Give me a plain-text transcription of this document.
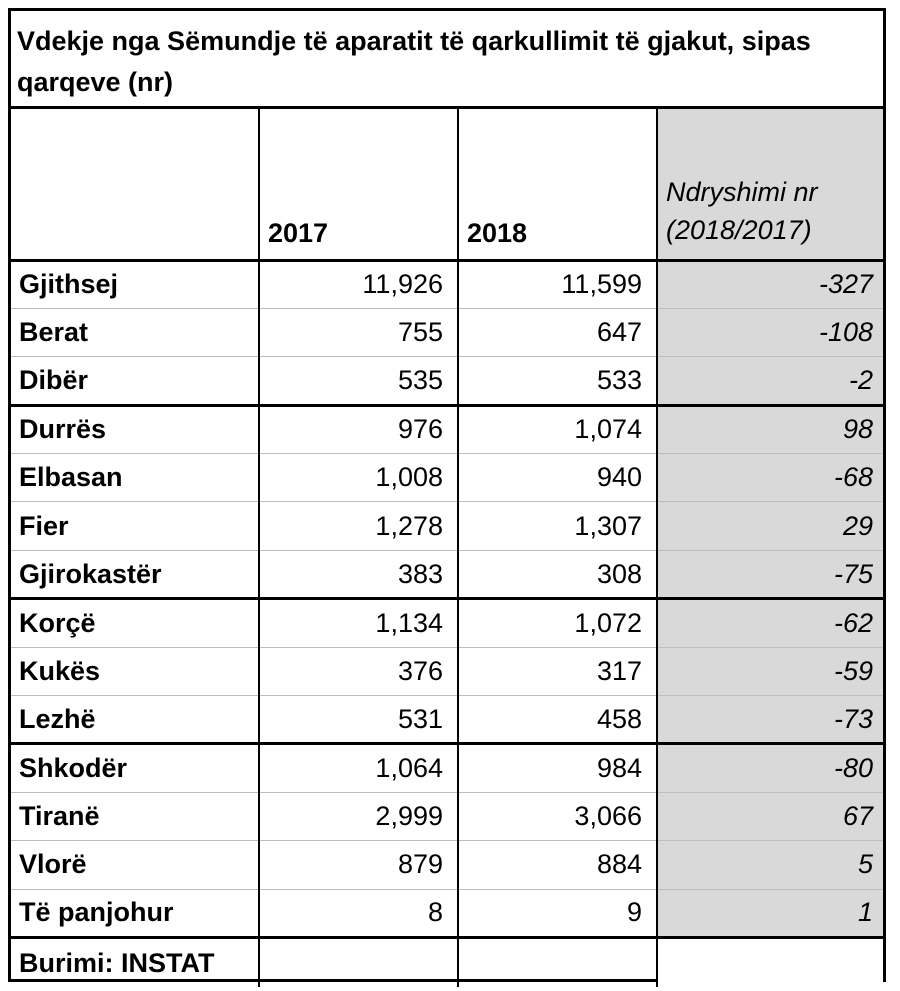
Vdekje nga Sëmundje të aparatit të qarkullimit të gjakut, sipas qarqeve (nr)
	2017	2018	Ndryshimi nr (2018/2017)
Gjithsej	11,926	11,599	-327
Berat	755	647	-108
Dibër	535	533	-2
Durrës	976	1,074	98
Elbasan	1,008	940	-68
Fier	1,278	1,307	29
Gjirokastër	383	308	-75
Korçë	1,134	1,072	-62
Kukës	376	317	-59
Lezhë	531	458	-73
Shkodër	1,064	984	-80
Tiranë	2,999	3,066	67
Vlorë	879	884	5
Të panjohur	8	9	1
Burimi: INSTAT			
